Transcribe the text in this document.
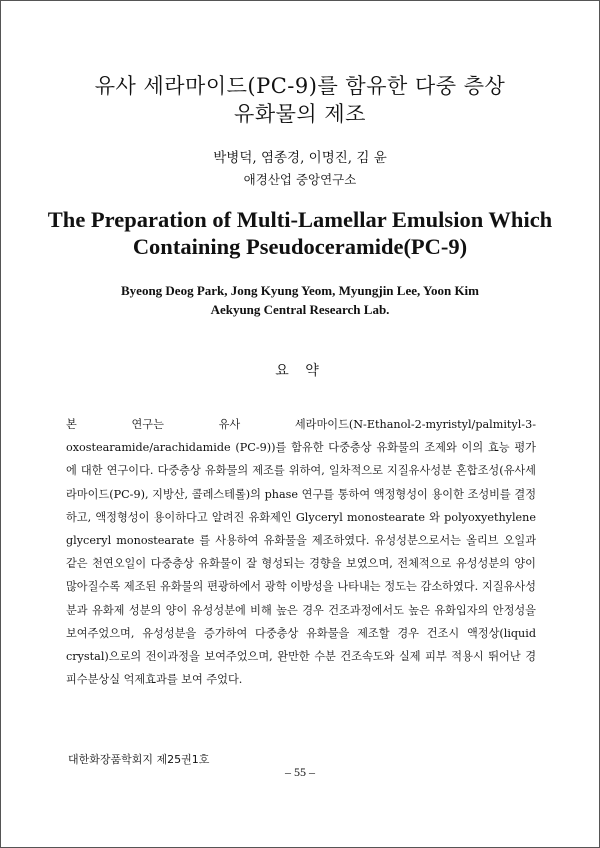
유사 세라마이드(PC-9)를 함유한 다중 층상
유화물의 제조
박병덕, 염종경, 이명진, 김 윤
애경산업 중앙연구소
The Preparation of Multi-Lamellar Emulsion Which
Containing Pseudoceramide(PC-9)
Byeong Deog Park, Jong Kyung Yeom, Myungjin Lee, Yoon Kim
Aekyung Central Research Lab.
요 약
본 연구는 유사 세라마이드(N-Ethanol-2-myristyl/palmityl-3-oxostearamide/arachidamide (PC-9))를 함유한 다중층상 유화물의 조제와 이의 효능 평가에 대한 연구이다. 다중층상 유화물의 제조를 위하여, 일차적으로 지질유사성분 혼합조성(유사세라마이드(PC-9), 지방산, 콜레스테롤)의 phase 연구를 통하여 액정형성이 용이한 조성비를 결정하고, 액정형성이 용이하다고 알려진 유화제인 Glyceryl monostearate 와 polyoxyethylene glyceryl monostearate 를 사용하여 유화물을 제조하였다. 유성성분으로서는 올리브 오일과 같은 천연오일이 다중층상 유화물이 잘 형성되는 경향을 보였으며, 전체적으로 유성성분의 양이 많아질수록 제조된 유화물의 편광하에서 광학 이방성을 나타내는 정도는 감소하였다. 지질유사성분과 유화제 성분의 양이 유성성분에 비해 높은 경우 건조과정에서도 높은 유화입자의 안정성을 보여주었으며, 유성성분을 증가하여 다중층상 유화물을 제조할 경우 건조시 액정상(liquid crystal)으로의 전이과정을 보여주었으며, 완만한 수분 건조속도와 실제 피부 적용시 뛰어난 경피수분상실 억제효과를 보여 주었다.
대한화장품학회지 제25권1호
– 55 –
